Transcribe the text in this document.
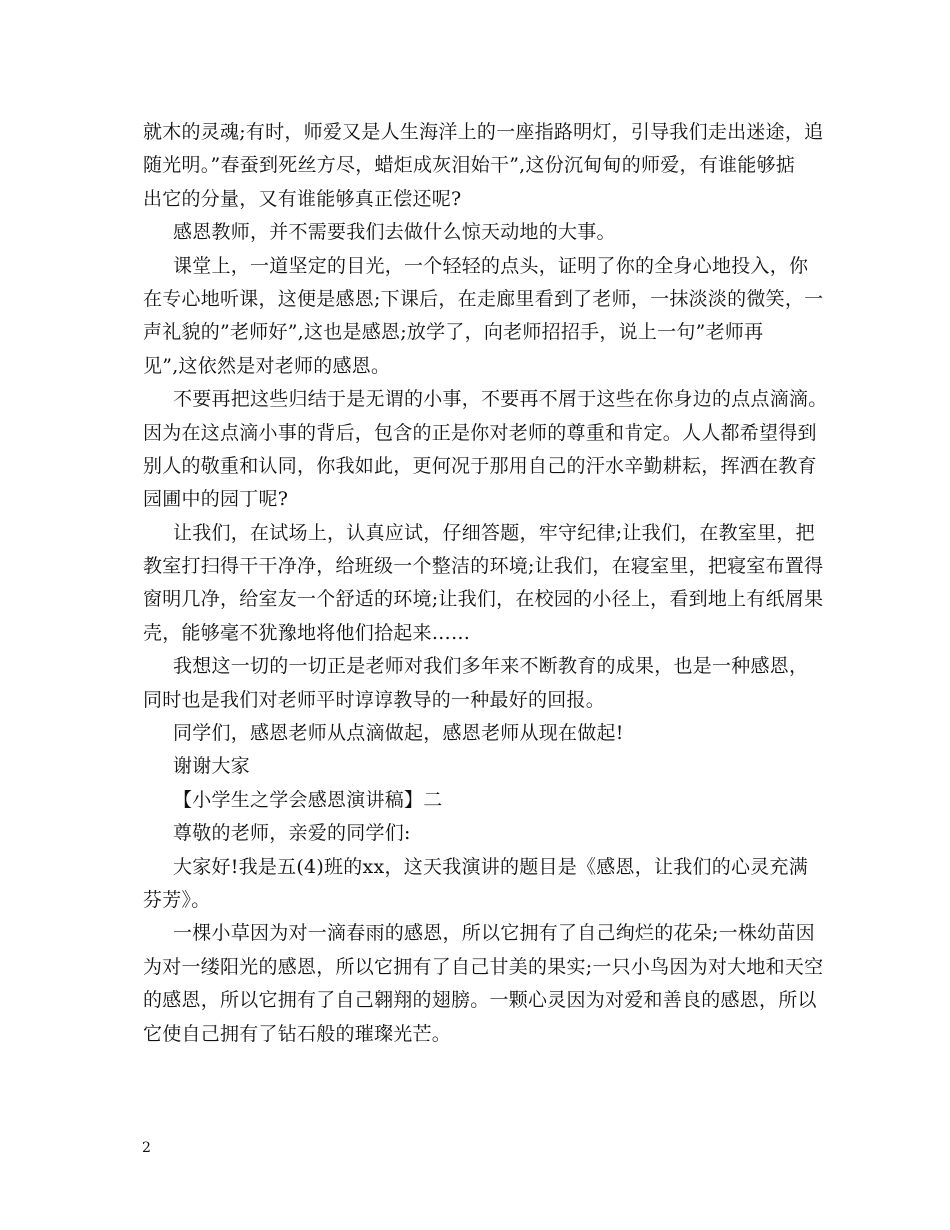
就木的灵魂;有时，师爱又是人生海洋上的一座指路明灯，引导我们走出迷途，追
随光明。”春蚕到死丝方尽，蜡炬成灰泪始干”,这份沉甸甸的师爱，有谁能够掂
出它的分量，又有谁能够真正偿还呢?
感恩教师，并不需要我们去做什么惊天动地的大事。
课堂上，一道坚定的目光，一个轻轻的点头，证明了你的全身心地投入，你
在专心地听课，这便是感恩;下课后，在走廊里看到了老师，一抹淡淡的微笑，一
声礼貌的”老师好”,这也是感恩;放学了，向老师招招手，说上一句”老师再
见”,这依然是对老师的感恩。
不要再把这些归结于是无谓的小事，不要再不屑于这些在你身边的点点滴滴。
因为在这点滴小事的背后，包含的正是你对老师的尊重和肯定。人人都希望得到
别人的敬重和认同，你我如此，更何况于那用自己的汗水辛勤耕耘，挥洒在教育
园圃中的园丁呢?
让我们，在试场上，认真应试，仔细答题，牢守纪律;让我们，在教室里，把
教室打扫得干干净净，给班级一个整洁的环境;让我们，在寝室里，把寝室布置得
窗明几净，给室友一个舒适的环境;让我们，在校园的小径上，看到地上有纸屑果
壳，能够毫不犹豫地将他们拾起来……
我想这一切的一切正是老师对我们多年来不断教育的成果，也是一种感恩，
同时也是我们对老师平时谆谆教导的一种最好的回报。
同学们，感恩老师从点滴做起，感恩老师从现在做起!
谢谢大家
【小学生之学会感恩演讲稿】二
尊敬的老师，亲爱的同学们:
大家好!我是五(4)班的xx，这天我演讲的题目是《感恩，让我们的心灵充满
芬芳》。
一棵小草因为对一滴春雨的感恩，所以它拥有了自己绚烂的花朵;一株幼苗因
为对一缕阳光的感恩，所以它拥有了自己甘美的果实;一只小鸟因为对大地和天空
的感恩，所以它拥有了自己翱翔的翅膀。一颗心灵因为对爱和善良的感恩，所以
它使自己拥有了钻石般的璀璨光芒。
2
